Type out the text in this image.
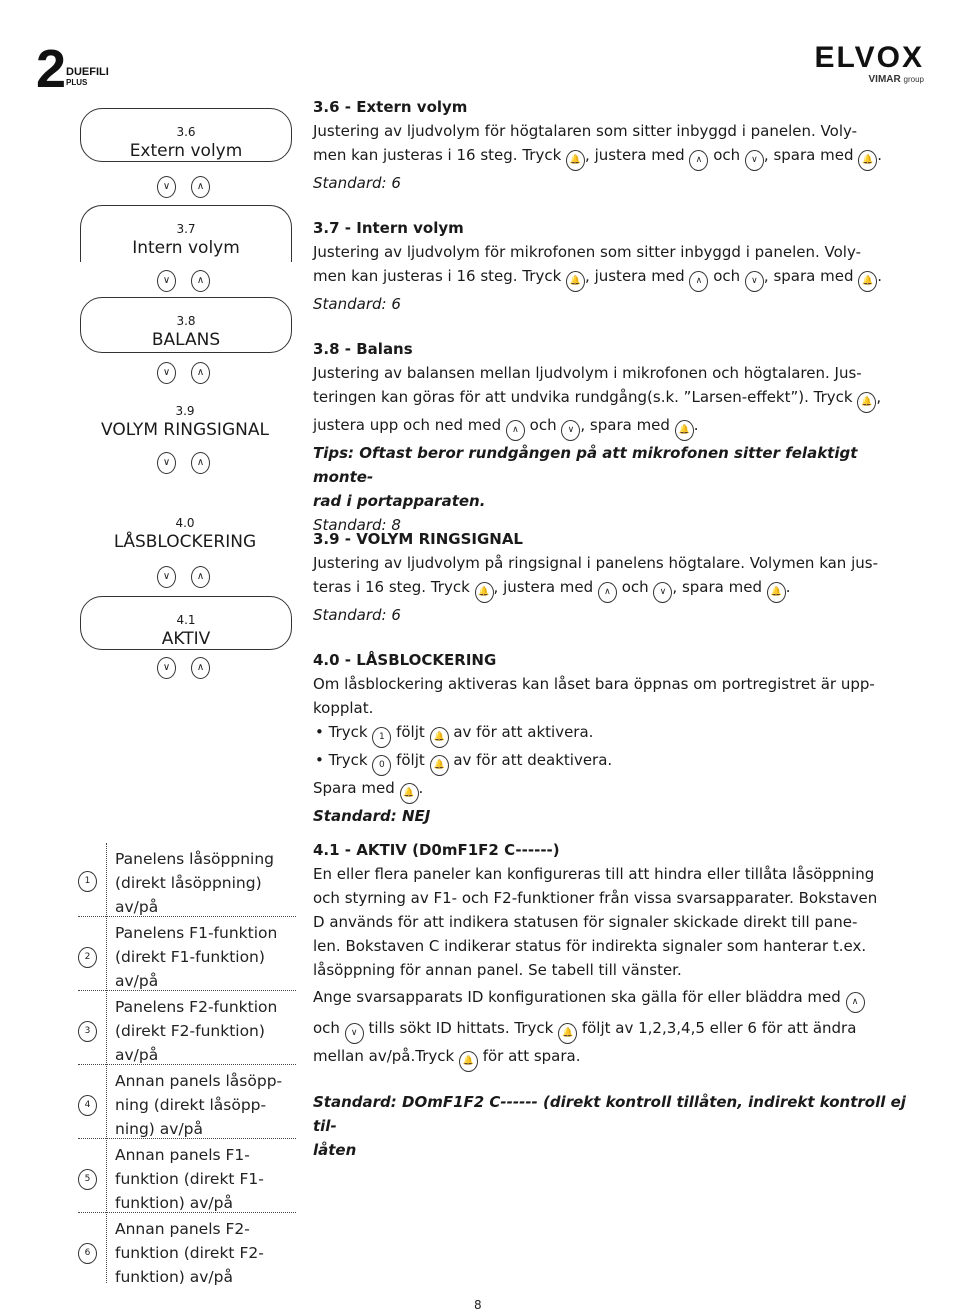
2 DUEFILI
PLUS
ELVOX
VIMAR group
3.6
Extern volym
∨	∧
3.7
Intern volym
∨	∧
3.8
BALANS
∨	∧
3.9
VOLYM RINGSIGNAL
∨	∧
4.0
LÅSBLOCKERING
∨	∧
4.1
AKTIV
∨	∧
1
Panelens låsöppning (direkt låsöppning) av/på
2
Panelens F1-funktion (direkt F1-funktion) av/på
3
Panelens F2-funktion (direkt F2-funktion) av/på
4
Annan panels låsöpp-ning (direkt låsöpp-ning) av/på
5
Annan panels F1-funktion (direkt F1-funktion) av/på
6
Annan panels F2-funktion (direkt F2-funktion) av/på
3.6 - Extern volym
Justering av ljudvolym för högtalaren som sitter inbyggd i panelen. Voly-
men kan justeras i 16 steg. Tryck 🔔 , justera med ∧ och ∨ , spara med 🔔 .
Standard: 6
3.7 - Intern volym
Justering av ljudvolym för mikrofonen som sitter inbyggd i panelen. Voly-
men kan justeras i 16 steg. Tryck 🔔 , justera med ∧ och ∨ , spara med 🔔 .
Standard: 6
3.8 - Balans
Justering av balansen mellan ljudvolym i mikrofonen och högtalaren. Jus-
teringen kan göras för att undvika rundgång(s.k. ”Larsen-effekt”). Tryck 🔔 ,
justera upp och ned med ∧ och ∨ , spara med 🔔 .
Tips: Oftast beror rundgången på att mikrofonen sitter felaktigt monte-
rad i portapparaten.
Standard: 8
3.9 - VOLYM RINGSIGNAL
Justering av ljudvolym på ringsignal i panelens högtalare. Volymen kan jus-
teras i 16 steg. Tryck 🔔 , justera med ∧ och ∨ , spara med 🔔 .
Standard: 6
4.0 - LÅSBLOCKERING
Om låsblockering aktiveras kan låset bara öppnas om portregistret är upp-
kopplat.
• Tryck 1 följt 🔔 av för att aktivera.
• Tryck 0 följt 🔔 av för att deaktivera.
Spara med 🔔 .
Standard: NEJ
4.1 - AKTIV (D0mF1F2 C------)
En eller flera paneler kan konfigureras till att hindra eller tillåta låsöppning
och styrning av F1- och F2-funktioner från vissa svarsapparater. Bokstaven
D används för att indikera statusen för signaler skickade direkt till pane-
len. Bokstaven C indikerar status för indirekta signaler som hanterar t.ex.
låsöppning för annan panel. Se tabell till vänster.
Ange svarsapparats ID konfigurationen ska gälla för eller bläddra med ∧
och ∨ tills sökt ID hittats. Tryck 🔔 följt av 1,2,3,4,5 eller 6 för att ändra
mellan av/på.Tryck 🔔 för att spara.
Standard: DOmF1F2 C------ (direkt kontroll tillåten, indirekt kontroll ej til-
låten
8
